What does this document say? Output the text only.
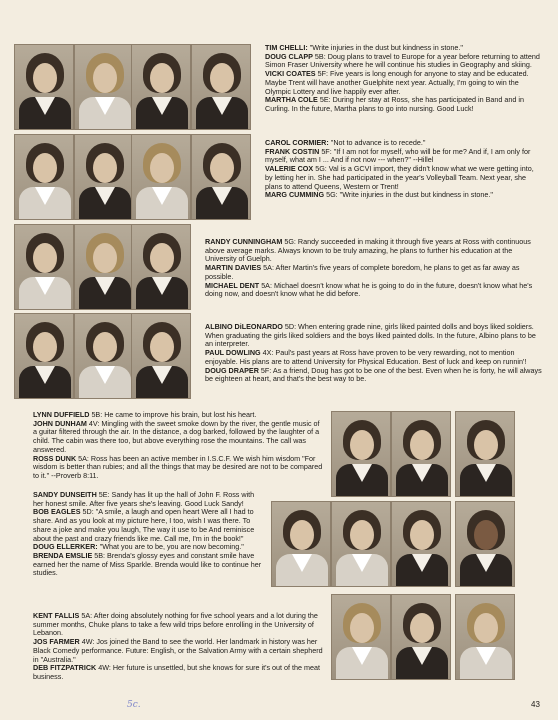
TIM CHELLI: "Write injuries in the dust but kindness in stone."

DOUG CLAPP 5B: Doug plans to travel to Europe for a year before returning to attend Simon Fraser University where he will continue his studies in Geography and skiing.

VICKI COATES 5F: Five years is long enough for anyone to stay and be educated. Maybe Trent will have another Guelphite next year. Actually, I'm going to win the Olympic Lottery and live happily ever after.

MARTHA COLE 5E: During her stay at Ross, she has participated in Band and in Curling. In the future, Martha plans to go into nursing. Good Luck!

CAROL CORMIER: "Not to advance is to recede."

FRANK COSTIN 5F: "If I am not for myself, who will be for me? And if, I am only for myself, what am I ... And if not now --- when?" --Hillel

VALERIE COX 5G: Val is a GCVI import, they didn't know what we were getting into, by letting her in. She had participated in the year's Volleyball Team. Next year, she plans to attend Queens, Western or Trent!

MARG CUMMING 5G: "Write injuries in the dust but kindness in stone."

RANDY CUNNINGHAM 5G: Randy succeeded in making it through five years at Ross with continuous above average marks. Always known to be truly amazing, he plans to further his education at the University of Guelph.

MARTIN DAVIES 5A: After Martin's five years of complete boredom, he plans to get as far away as possible.

MICHAEL DENT 5A: Michael doesn't know what he is going to do in the future, doesn't know what he's doing now, and doesn't know what he did before.

ALBINO DiLEONARDO 5D: When entering grade nine, girls liked painted dolls and boys liked soldiers. When graduating the girls liked soldiers and the boys liked painted dolls. In the future, Albino plans to be an interpreter.

PAUL DOWLING 4X: Paul's past years at Ross have proven to be very rewarding, not to mention enjoyable. His plans are to attend University for Physical Education. Best of luck and keep on runnin'!

DOUG DRAPER 5F: As a friend, Doug has got to be one of the best. Even when he is forty, he will always be eighteen at heart, and that's the best way to be.

LYNN DUFFIELD 5B: He came to improve his brain, but lost his heart.

JOHN DUNHAM 4V: Mingling with the sweet smoke down by the river, the gentle music of a guitar filtered through the air. In the distance, a dog barked, followed by the laughter of a child. The cabin was there too, but above everything rose the mountains. The call was answered.

ROSS DUNK 5A: Ross has been an active member in I.S.C.F. We wish him wisdom "For wisdom is better than rubies; and all the things that may be desired are not to be compared to it." --Proverb 8:11.

SANDY DUNSEITH 5E: Sandy has lit up the hall of John F. Ross with her honest smile. After five years she's leaving. Good Luck Sandy!

BOB EAGLES 5D: "A smile, a laugh and open heart Were all I had to share. And as you look at my picture here, I too, wish I was there. To share a joke and make you laugh, The way it use to be And reminisce about the past and crazy friends like me. Call me, I'm in the book!"

DOUG ELLERKER: "What you are to be, you are now becoming."

BRENDA EMSLIE 5B: Brenda's glossy eyes and constant smile have earned her the name of Miss Sparkle. Brenda would like to continue her studies.

KENT FALLIS 5A: After doing absolutely nothing for five school years and a lot during the summer months, Chuke plans to take a few wild trips before enrolling in the University of Lebanon.

JOS FARMER 4W: Jos joined the Band to see the world. Her landmark in history was her Black Comedy performance. Future: English, or the Salvation Army with a certain shepherd in "Australia."

DEB FITZPATRICK 4W: Her future is unsettled, but she knows for sure it's out of the meat business.

5c.	43
